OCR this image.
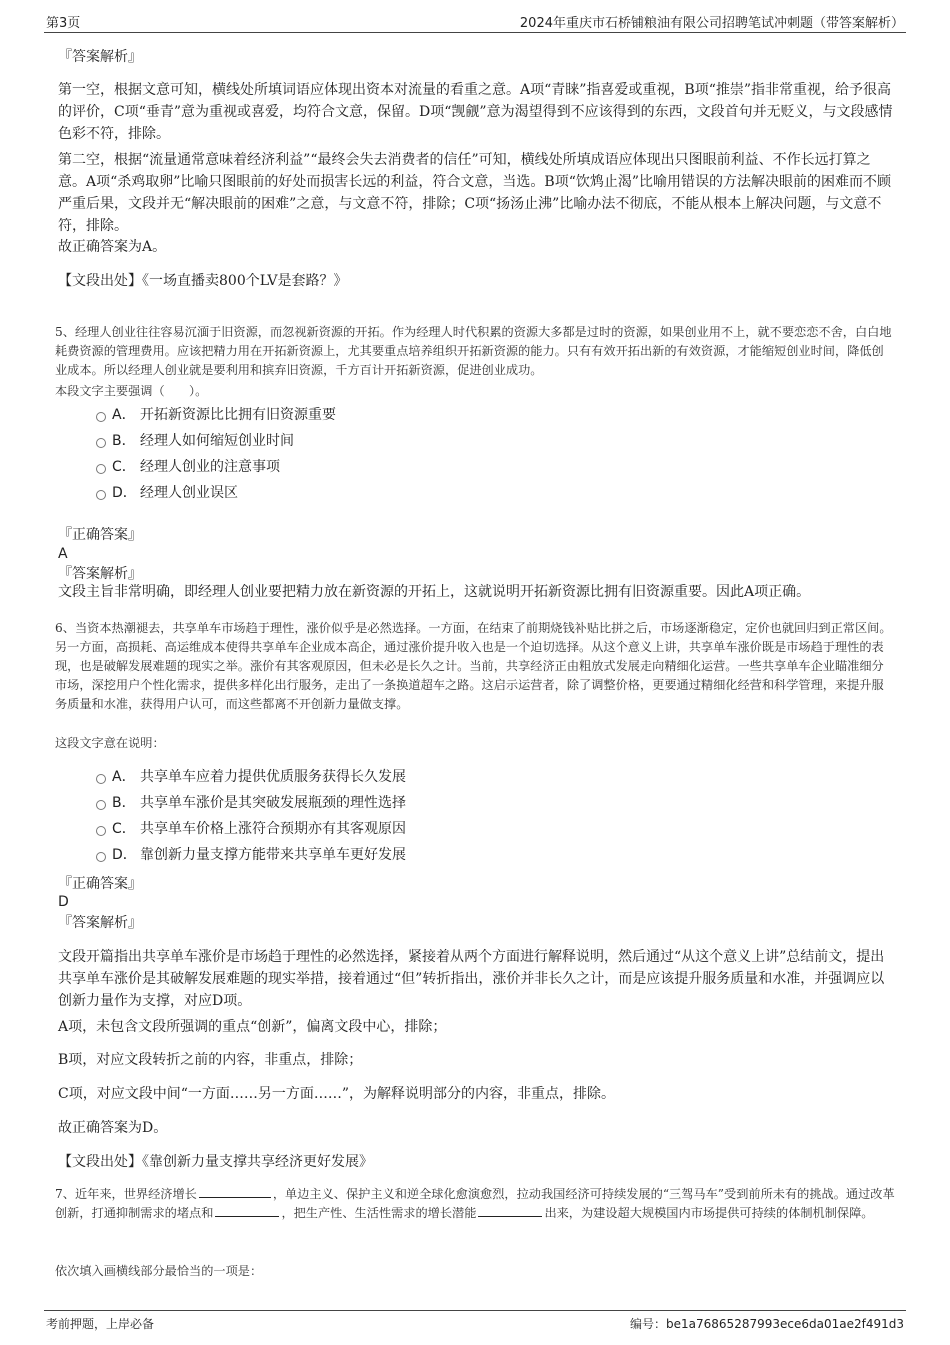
第3页	2024年重庆市石桥铺粮油有限公司招聘笔试冲刺题（带答案解析）
『答案解析』
第一空，根据文意可知，横线处所填词语应体现出资本对流量的看重之意。A项“青睐”指喜爱或重视，B项“推崇”指非常重视，给予很高的评价，C项“垂青”意为重视或喜爱，均符合文意，保留。D项“觊觎”意为渴望得到不应该得到的东西，文段首句并无贬义，与文段感情色彩不符，排除。
第二空，根据“流量通常意味着经济利益”“最终会失去消费者的信任”可知，横线处所填成语应体现出只图眼前利益、不作长远打算之意。A项“杀鸡取卵”比喻只图眼前的好处而损害长远的利益，符合文意，当选。B项“饮鸩止渴”比喻用错误的方法解决眼前的困难而不顾严重后果，文段并无“解决眼前的困难”之意，与文意不符，排除；C项“扬汤止沸”比喻办法不彻底，不能从根本上解决问题，与文意不符，排除。
故正确答案为A。
【文段出处】《一场直播卖800个LV是套路？》
5、经理人创业往往容易沉湎于旧资源，而忽视新资源的开拓。作为经理人时代积累的资源大多都是过时的资源，如果创业用不上，就不要恋恋不舍，白白地耗费资源的管理费用。应该把精力用在开拓新资源上，尤其要重点培养组织开拓新资源的能力。只有有效开拓出新的有效资源，才能缩短创业时间，降低创业成本。所以经理人创业就是要利用和摈弃旧资源，千方百计开拓新资源，促进创业成功。
本段文字主要强调（　　）。
A． 开拓新资源比比拥有旧资源重要
B． 经理人如何缩短创业时间
C． 经理人创业的注意事项
D． 经理人创业误区
『正确答案』
A
『答案解析』
文段主旨非常明确，即经理人创业要把精力放在新资源的开拓上，这就说明开拓新资源比拥有旧资源重要。因此A项正确。
6、当资本热潮褪去，共享单车市场趋于理性，涨价似乎是必然选择。一方面，在结束了前期烧钱补贴比拼之后，市场逐渐稳定，定价也就回归到正常区间。另一方面，高损耗、高运维成本使得共享单车企业成本高企，通过涨价提升收入也是一个迫切选择。从这个意义上讲，共享单车涨价既是市场趋于理性的表现，也是破解发展难题的现实之举。涨价有其客观原因，但未必是长久之计。当前，共享经济正由粗放式发展走向精细化运营。一些共享单车企业瞄准细分市场，深挖用户个性化需求，提供多样化出行服务，走出了一条换道超车之路。这启示运营者，除了调整价格，更要通过精细化经营和科学管理，来提升服务质量和水准，获得用户认可，而这些都离不开创新力量做支撑。
这段文字意在说明：
A． 共享单车应着力提供优质服务获得长久发展
B． 共享单车涨价是其突破发展瓶颈的理性选择
C． 共享单车价格上涨符合预期亦有其客观原因
D． 靠创新力量支撑方能带来共享单车更好发展
『正确答案』
D
『答案解析』
文段开篇指出共享单车涨价是市场趋于理性的必然选择，紧接着从两个方面进行解释说明，然后通过“从这个意义上讲”总结前文，提出共享单车涨价是其破解发展难题的现实举措，接着通过“但”转折指出，涨价并非长久之计，而是应该提升服务质量和水准，并强调应以创新力量作为支撑，对应D项。
A项，未包含文段所强调的重点“创新”，偏离文段中心，排除；
B项，对应文段转折之前的内容，非重点，排除；
C项，对应文段中间“一方面……另一方面……”，为解释说明部分的内容，非重点，排除。
故正确答案为D。
【文段出处】《靠创新力量支撑共享经济更好发展》
7、近年来，世界经济增长	，单边主义、保护主义和逆全球化愈演愈烈，拉动我国经济可持续发展的“三驾马车”受到前所未有的挑战。通过改革创新，打通抑制需求的堵点和	，把生产性、生活性需求的增长潜能	出来，为建设超大规模国内市场提供可持续的体制机制保障。
依次填入画横线部分最恰当的一项是：
考前押题，上岸必备	编号：be1a76865287993ece6da01ae2f491d3
